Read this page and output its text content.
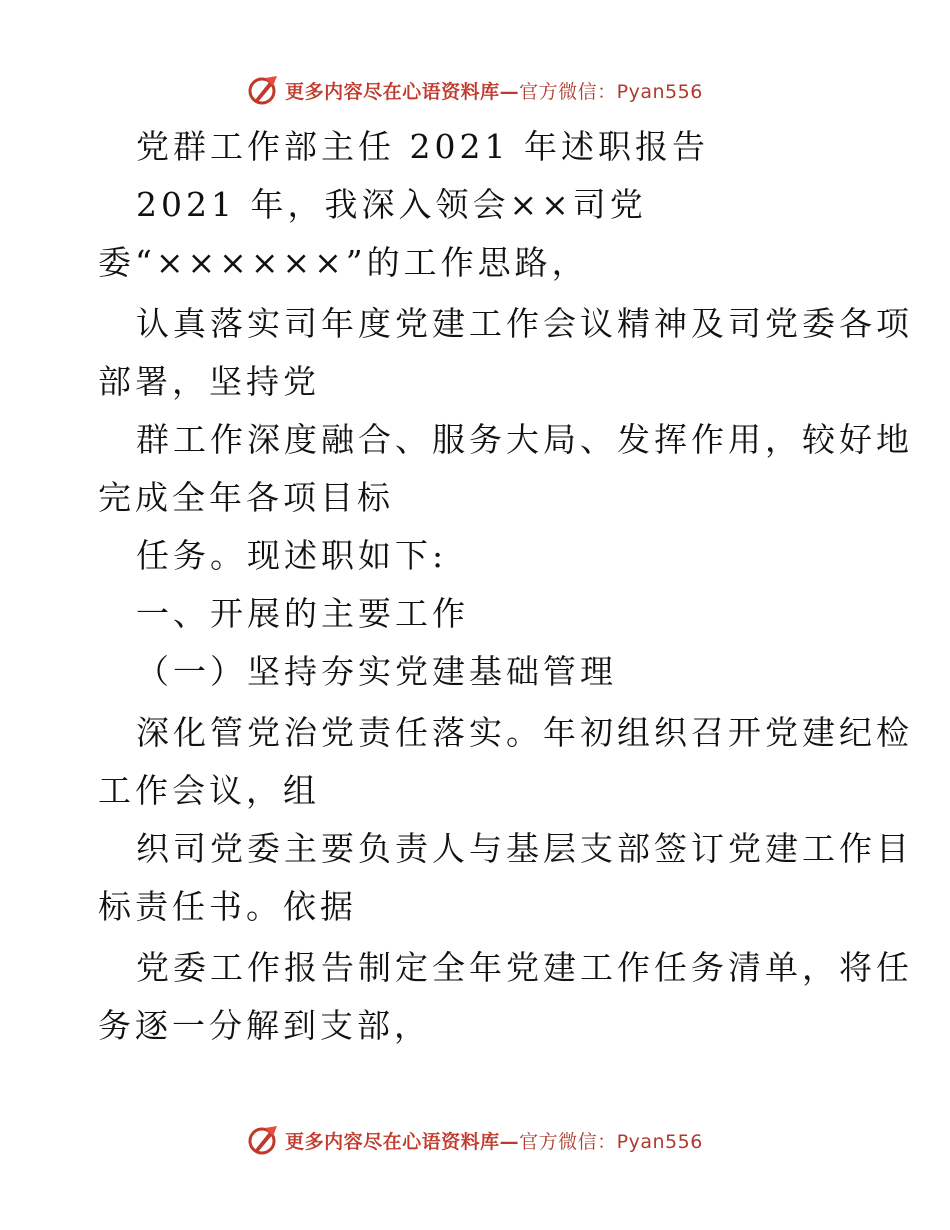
更多内容尽在心语资料库—官方微信：Pyan556
党群工作部主任 2021 年述职报告
2021 年，我深入领会××司党
委“××××××”的工作思路，
认真落实司年度党建工作会议精神及司党委各项
部署，坚持党
群工作深度融合、服务大局、发挥作用，较好地
完成全年各项目标
任务。现述职如下:
一、开展的主要工作
（一）坚持夯实党建基础管理
深化管党治党责任落实。年初组织召开党建纪检
工作会议，组
织司党委主要负责人与基层支部签订党建工作目
标责任书。依据
党委工作报告制定全年党建工作任务清单，将任
务逐一分解到支部，
更多内容尽在心语资料库—官方微信：Pyan556
